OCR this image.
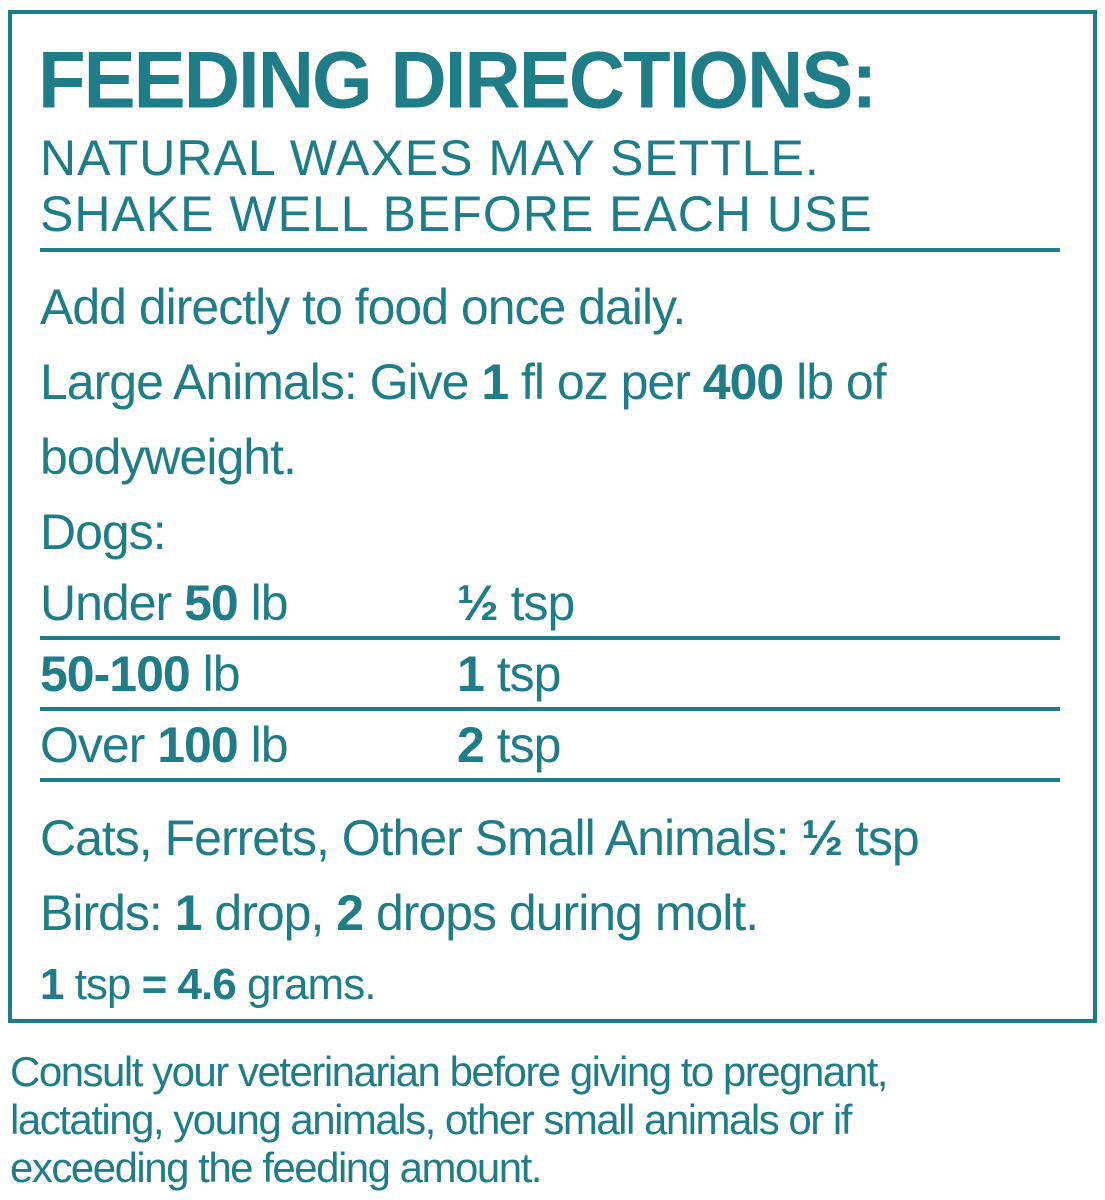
FEEDING DIRECTIONS:
NATURAL WAXES MAY SETTLE.
SHAKE WELL BEFORE EACH USE
Add directly to food once daily.
Large Animals: Give 1 fl oz per 400 lb of
bodyweight.
Dogs:
Under 50 lb	½ tsp
50-100 lb	1 tsp
Over 100 lb	2 tsp
Cats, Ferrets, Other Small Animals: ½ tsp
Birds: 1 drop, 2 drops during molt.
1 tsp = 4.6 grams.
Consult your veterinarian before giving to pregnant,
lactating, young animals, other small animals or if
exceeding the feeding amount.
